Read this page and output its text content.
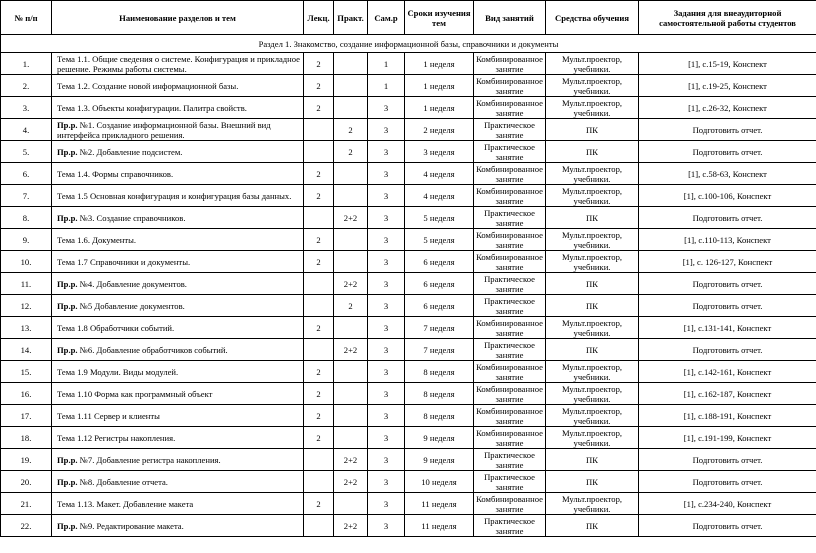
№ п/п	Наименование разделов и тем	Лекц.	Практ.	Сам.р	Сроки изучения тем	Вид занятий	Средства обучения	Задания для внеаудиторной самостоятельной работы студентов
Раздел 1. Знакомство, создание информационной базы, справочники и документы								
1.	Тема 1.1. Общие сведения о системе. Конфигурация и прикладное решение. Режимы работы системы.	2		1	1 неделя	Комбинированное занятие	Мульт.проектор, учебники.	[1], с.15-19, Конспект
2.	Тема 1.2. Создание новой информационной базы.	2		1	1 неделя	Комбинированное занятие	Мульт.проектор, учебники.	[1], с.19-25, Конспект
3.	Тема 1.3. Объекты конфигурации. Палитра свойств.	2		3	1 неделя	Комбинированное занятие	Мульт.проектор, учебники.	[1], с.26-32, Конспект
4.	Пр.р. №1. Создание информационной базы. Внешний вид интерфейса прикладного решения.		2	3	2 неделя	Практическое занятие	ПК	Подготовить отчет.
5.	Пр.р. №2. Добавление подсистем.		2	3	3 неделя	Практическое занятие	ПК	Подготовить отчет.
6.	Тема 1.4. Формы справочников.	2		3	4 неделя	Комбинированное занятие	Мульт.проектор, учебники.	[1], с.58-63, Конспект
7.	Тема 1.5 Основная конфигурация и конфигурация базы данных.	2		3	4 неделя	Комбинированное занятие	Мульт.проектор, учебники.	[1], с.100-106, Конспект
8.	Пр.р. №3. Создание справочников.		2+2	3	5 неделя	Практическое занятие	ПК	Подготовить отчет.
9.	Тема 1.6. Документы.	2		3	5 неделя	Комбинированное занятие	Мульт.проектор, учебники.	[1], с.110-113, Конспект
10.	Тема 1.7 Справочники и документы.	2		3	6 неделя	Комбинированное занятие	Мульт.проектор, учебники.	[1], с. 126-127, Конспект
11.	Пр.р. №4. Добавление документов.		2+2	3	6 неделя	Практическое занятие	ПК	Подготовить отчет.
12.	Пр.р. №5 Добавление документов.		2	3	6 неделя	Практическое занятие	ПК	Подготовить отчет.
13.	Тема 1.8 Обработчики событий.	2		3	7 неделя	Комбинированное занятие	Мульт.проектор, учебники.	[1], с.131-141, Конспект
14.	Пр.р. №6. Добавление обработчиков событий.		2+2	3	7 неделя	Практическое занятие	ПК	Подготовить отчет.
15.	Тема 1.9 Модули. Виды модулей.	2		3	8 неделя	Комбинированное занятие	Мульт.проектор, учебники.	[1], с.142-161, Конспект
16.	Тема 1.10 Форма как программный объект	2		3	8 неделя	Комбинированное занятие	Мульт.проектор, учебники.	[1], с.162-187, Конспект
17.	Тема 1.11 Сервер и клиенты	2		3	8 неделя	Комбинированное занятие	Мульт.проектор, учебники.	[1], с.188-191, Конспект
18.	Тема 1.12 Регистры накопления.	2		3	9 неделя	Комбинированное занятие	Мульт.проектор, учебники.	[1], с.191-199, Конспект
19.	Пр.р. №7. Добавление регистра накопления.		2+2	3	9 неделя	Практическое занятие	ПК	Подготовить отчет.
20.	Пр.р. №8. Добавление отчета.		2+2	3	10 неделя	Практическое занятие	ПК	Подготовить отчет.
21.	Тема 1.13. Макет. Добавление макета	2		3	11 неделя	Комбинированное занятие	Мульт.проектор, учебники.	[1], с.234-240, Конспект
22.	Пр.р. №9. Редактирование макета.		2+2	3	11 неделя	Практическое занятие	ПК	Подготовить отчет.
